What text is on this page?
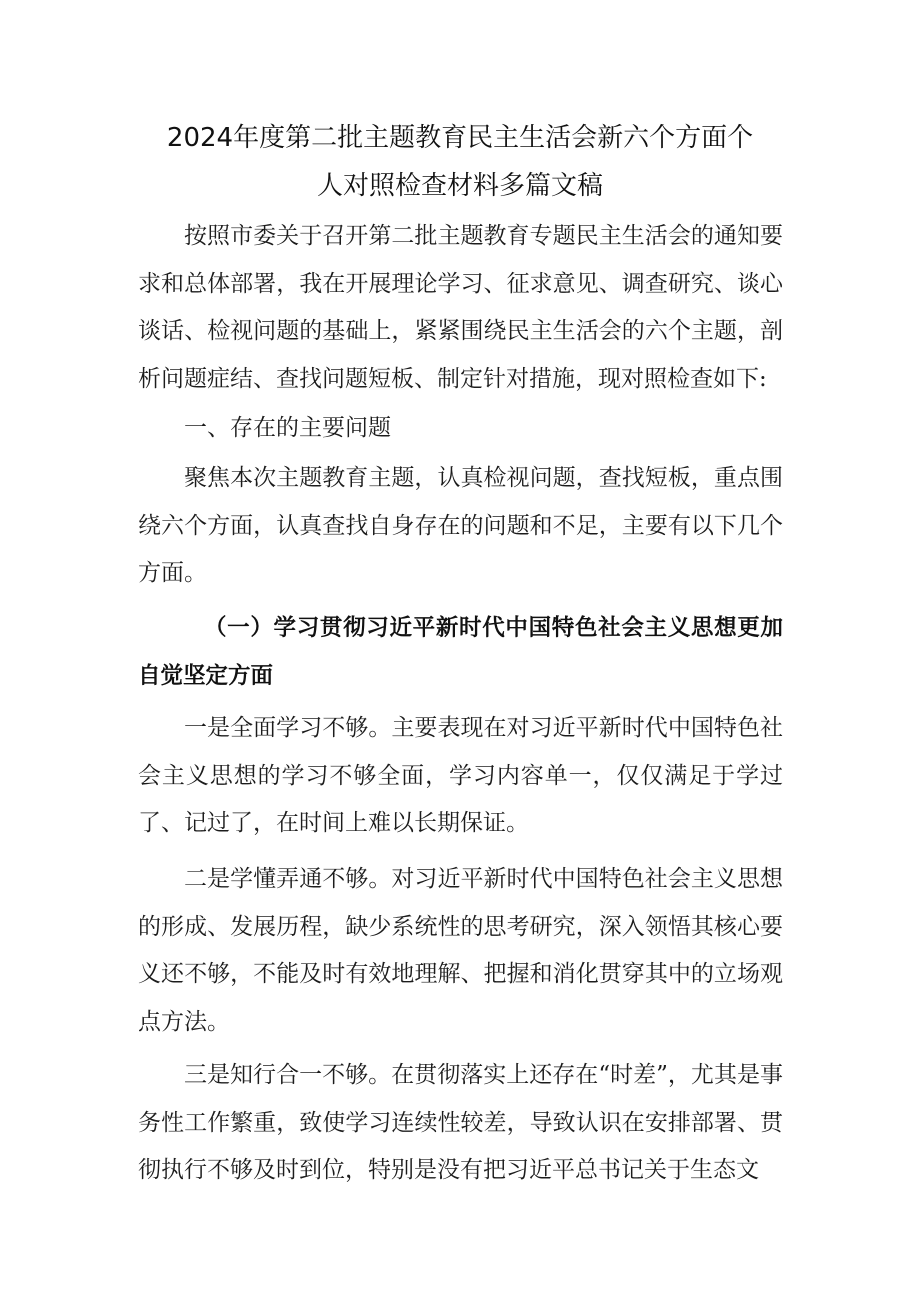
2024年度第二批主题教育民主生活会新六个方面个
人对照检查材料多篇文稿

按照市委关于召开第二批主题教育专题民主生活会的通知要求和总体部署，我在开展理论学习、征求意见、调查研究、谈心谈话、检视问题的基础上，紧紧围绕民主生活会的六个主题，剖析问题症结、查找问题短板、制定针对措施，现对照检查如下:

一、存在的主要问题

聚焦本次主题教育主题，认真检视问题，查找短板，重点围绕六个方面，认真查找自身存在的问题和不足，主要有以下几个方面。

（一）学习贯彻习近平新时代中国特色社会主义思想更加自觉坚定方面

一是全面学习不够。主要表现在对习近平新时代中国特色社会主义思想的学习不够全面，学习内容单一，仅仅满足于学过了、记过了，在时间上难以长期保证。

二是学懂弄通不够。对习近平新时代中国特色社会主义思想的形成、发展历程，缺少系统性的思考研究，深入领悟其核心要义还不够，不能及时有效地理解、把握和消化贯穿其中的立场观点方法。

三是知行合一不够。在贯彻落实上还存在“时差”，尤其是事务性工作繁重，致使学习连续性较差，导致认识在安排部署、贯彻执行不够及时到位，特别是没有把习近平总书记关于生态文
